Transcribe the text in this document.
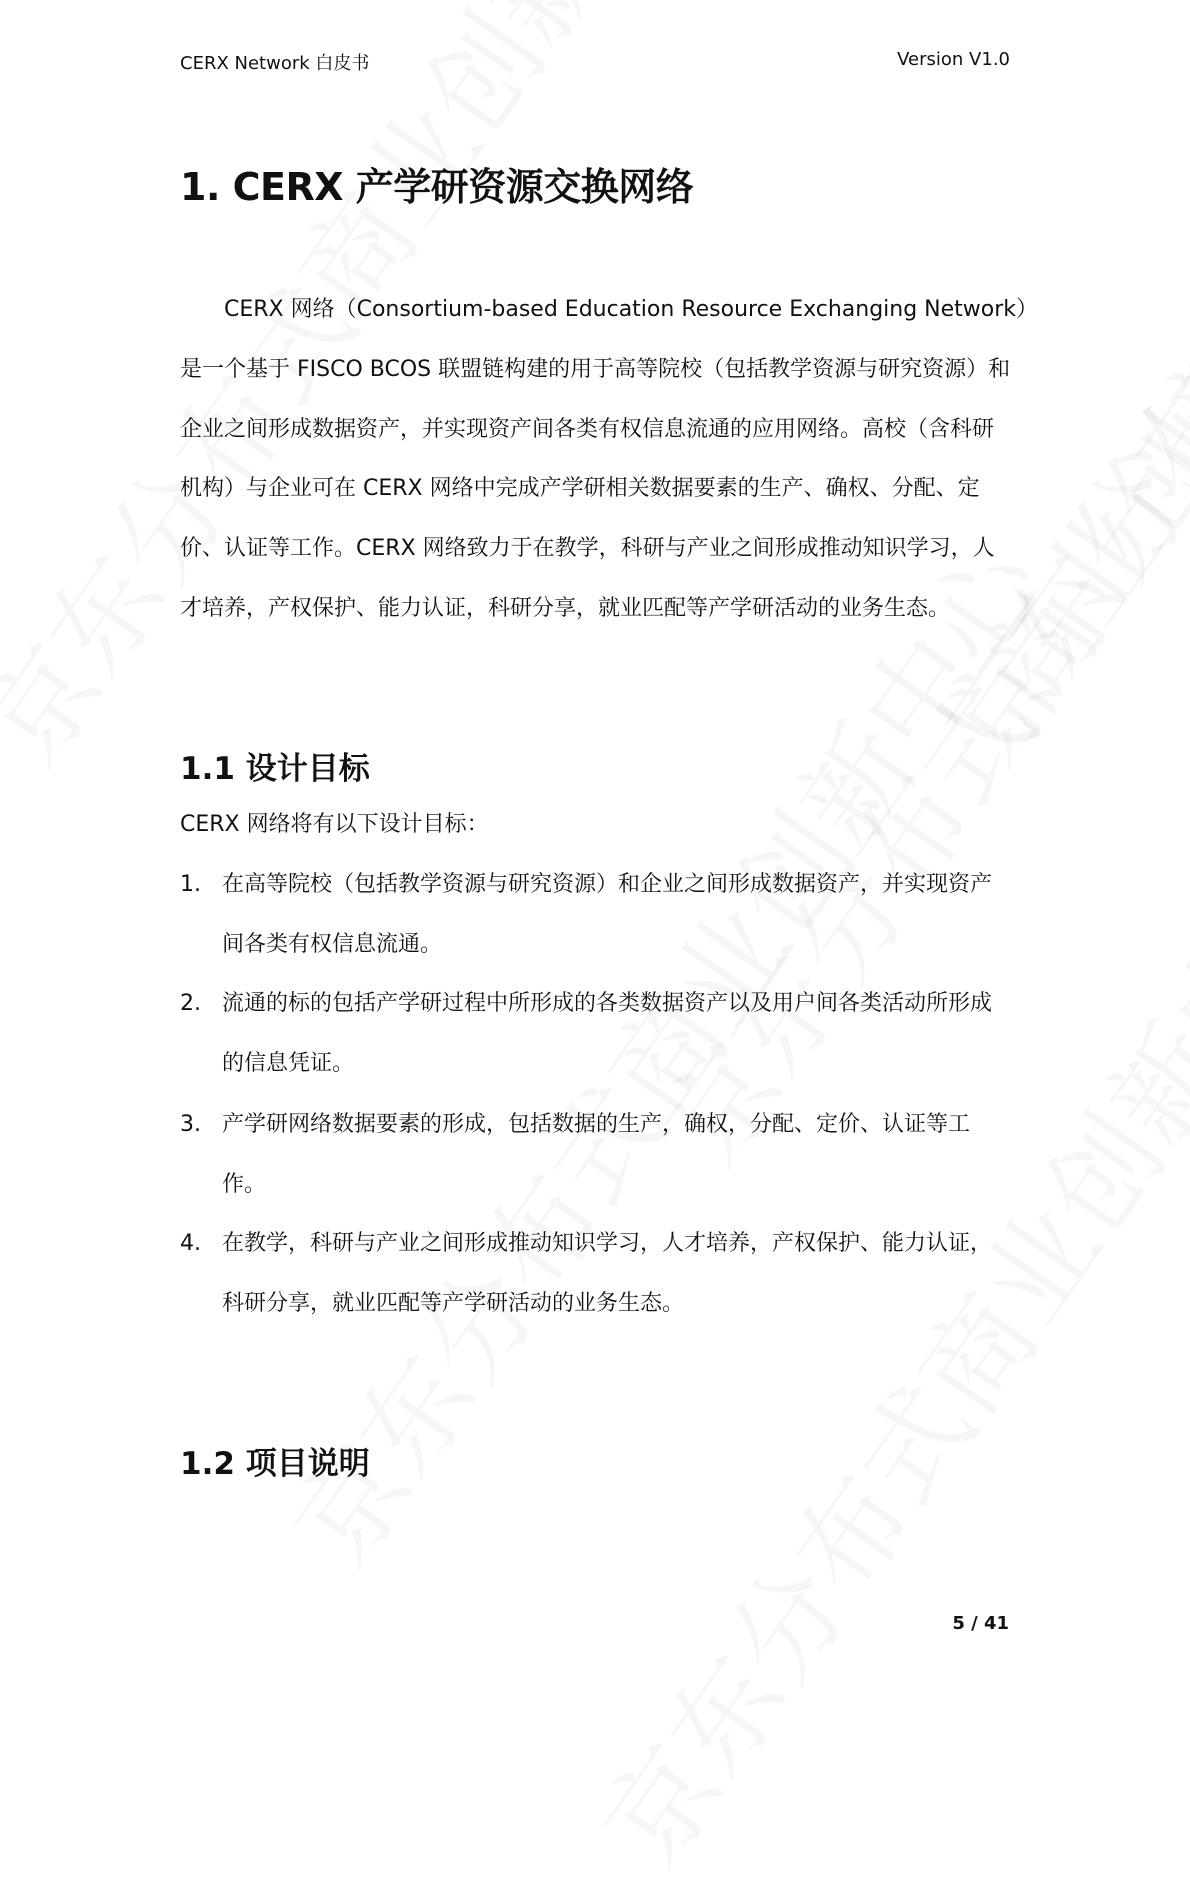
CERX Network 白皮书	Version V1.0
1. CERX 产学研资源交换网络
CERX 网络（Consortium-based Education Resource Exchanging Network）
是一个基于 FISCO BCOS 联盟链构建的用于高等院校（包括教学资源与研究资源）和
企业之间形成数据资产，并实现资产间各类有权信息流通的应用网络。高校（含科研
机构）与企业可在 CERX 网络中完成产学研相关数据要素的生产、确权、分配、定
价、认证等工作。CERX 网络致力于在教学，科研与产业之间形成推动知识学习，人
才培养，产权保护、能力认证，科研分享，就业匹配等产学研活动的业务生态。
1.1 设计目标
CERX 网络将有以下设计目标：
1. 在高等院校（包括教学资源与研究资源）和企业之间形成数据资产，并实现资产
间各类有权信息流通。
2. 流通的标的包括产学研过程中所形成的各类数据资产以及用户间各类活动所形成
的信息凭证。
3. 产学研网络数据要素的形成，包括数据的生产，确权，分配、定价、认证等工
作。
4. 在教学，科研与产业之间形成推动知识学习，人才培养，产权保护、能力认证，
科研分享，就业匹配等产学研活动的业务生态。
1.2 项目说明
5 / 41
